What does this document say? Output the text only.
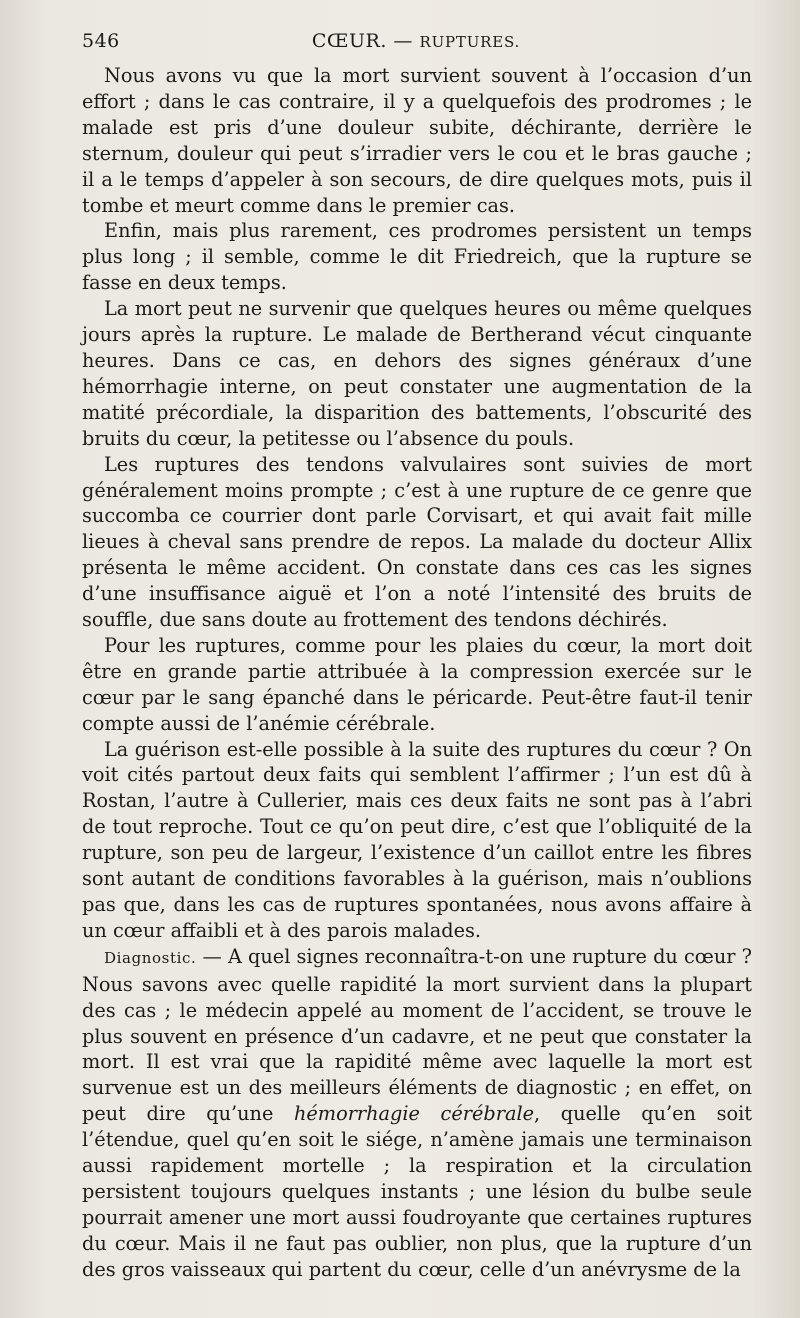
546	CŒUR. — RUPTURES.

Nous avons vu que la mort survient souvent à l’occasion d’un effort ; dans le cas contraire, il y a quelquefois des prodromes ; le malade est pris d’une douleur subite, déchirante, derrière le sternum, douleur qui peut s’irradier vers le cou et le bras gauche ; il a le temps d’appeler à son secours, de dire quelques mots, puis il tombe et meurt comme dans le premier cas.

Enfin, mais plus rarement, ces prodromes persistent un temps plus long ; il semble, comme le dit Friedreich, que la rupture se fasse en deux temps.

La mort peut ne survenir que quelques heures ou même quelques jours après la rupture. Le malade de Bertherand vécut cinquante heures. Dans ce cas, en dehors des signes généraux d’une hémorrhagie interne, on peut constater une augmentation de la matité précordiale, la disparition des battements, l’obscurité des bruits du cœur, la petitesse ou l’absence du pouls.

Les ruptures des tendons valvulaires sont suivies de mort généralement moins prompte ; c’est à une rupture de ce genre que succomba ce courrier dont parle Corvisart, et qui avait fait mille lieues à cheval sans prendre de repos. La malade du docteur Allix présenta le même accident. On constate dans ces cas les signes d’une insuffisance aiguë et l’on a noté l’intensité des bruits de souffle, due sans doute au frottement des tendons déchirés.

Pour les ruptures, comme pour les plaies du cœur, la mort doit être en grande partie attribuée à la compression exercée sur le cœur par le sang épanché dans le péricarde. Peut-être faut-il tenir compte aussi de l’anémie cérébrale.

La guérison est-elle possible à la suite des ruptures du cœur ? On voit cités partout deux faits qui semblent l’affirmer ; l’un est dû à Rostan, l’autre à Cullerier, mais ces deux faits ne sont pas à l’abri de tout reproche. Tout ce qu’on peut dire, c’est que l’obliquité de la rupture, son peu de largeur, l’existence d’un caillot entre les fibres sont autant de conditions favorables à la guérison, mais n’oublions pas que, dans les cas de ruptures spontanées, nous avons affaire à un cœur affaibli et à des parois malades.

Diagnostic. — A quel signes reconnaîtra-t-on une rupture du cœur ? Nous savons avec quelle rapidité la mort survient dans la plupart des cas ; le médecin appelé au moment de l’accident, se trouve le plus souvent en présence d’un cadavre, et ne peut que constater la mort. Il est vrai que la rapidité même avec laquelle la mort est survenue est un des meilleurs éléments de diagnostic ; en effet, on peut dire qu’une hémorrhagie cérébrale, quelle qu’en soit l’étendue, quel qu’en soit le siége, n’amène jamais une terminaison aussi rapidement mortelle ; la respiration et la circulation persistent toujours quelques instants ; une lésion du bulbe seule pourrait amener une mort aussi foudroyante que certaines ruptures du cœur. Mais il ne faut pas oublier, non plus, que la rupture d’un des gros vaisseaux qui partent du cœur, celle d’un anévrysme de la
